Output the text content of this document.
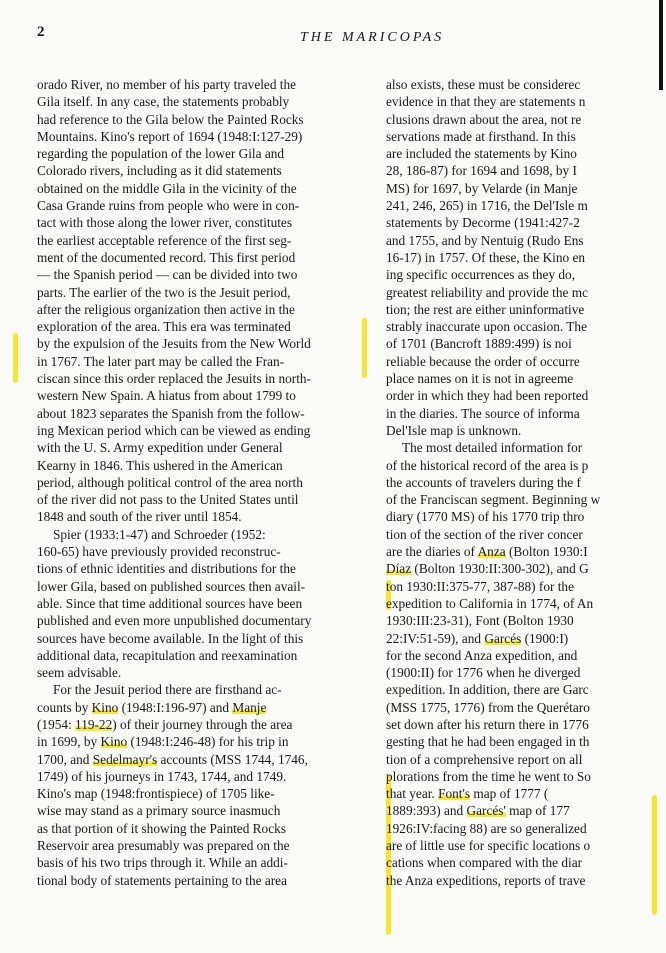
2	THE MARICOPAS
orado River, no member of his party traveled the
Gila itself. In any case, the statements probably
had reference to the Gila below the Painted Rocks
Mountains. Kino's report of 1694 (1948:I:127-29)
regarding the population of the lower Gila and
Colorado rivers, including as it did statements
obtained on the middle Gila in the vicinity of the
Casa Grande ruins from people who were in con-
tact with those along the lower river, constitutes
the earliest acceptable reference of the first seg-
ment of the documented record. This first period
— the Spanish period — can be divided into two
parts. The earlier of the two is the Jesuit period,
after the religious organization then active in the
exploration of the area. This era was terminated
by the expulsion of the Jesuits from the New World
in 1767. The later part may be called the Fran-
ciscan since this order replaced the Jesuits in north-
western New Spain. A hiatus from about 1799 to
about 1823 separates the Spanish from the follow-
ing Mexican period which can be viewed as ending
with the U. S. Army expedition under General
Kearny in 1846. This ushered in the American
period, although political control of the area north
of the river did not pass to the United States until
1848 and south of the river until 1854.
Spier (1933:1-47) and Schroeder (1952:
160-65) have previously provided reconstruc-
tions of ethnic identities and distributions for the
lower Gila, based on published sources then avail-
able. Since that time additional sources have been
published and even more unpublished documentary
sources have become available. In the light of this
additional data, recapitulation and reexamination
seem advisable.
For the Jesuit period there are firsthand ac-
counts by Kino (1948:I:196-97) and Manje
(1954: 119-22) of their journey through the area
in 1699, by Kino (1948:I:246-48) for his trip in
1700, and Sedelmayr's accounts (MSS 1744, 1746,
1749) of his journeys in 1743, 1744, and 1749.
Kino's map (1948:frontispiece) of 1705 like-
wise may stand as a primary source inasmuch
as that portion of it showing the Painted Rocks
Reservoir area presumably was prepared on the
basis of his two trips through it. While an addi-
tional body of statements pertaining to the area
also exists, these must be considerec
evidence in that they are statements n
clusions drawn about the area, not re
servations made at firsthand. In this
are included the statements by Kino
28, 186-87) for 1694 and 1698, by I
MS) for 1697, by Velarde (in Manje
241, 246, 265) in 1716, the Del'Isle m
statements by Decorme (1941:427-2
and 1755, and by Nentuig (Rudo Ens
16-17) in 1757. Of these, the Kino en
ing specific occurrences as they do,
greatest reliability and provide the mc
tion; the rest are either uninformative
strably inaccurate upon occasion. The
of 1701 (Bancroft 1889:499) is noi
reliable because the order of occurre
place names on it is not in agreeme
order in which they had been reported
in the diaries. The source of informa
Del'Isle map is unknown.
The most detailed information for
of the historical record of the area is p
the accounts of travelers during the f
of the Franciscan segment. Beginning w
diary (1770 MS) of his 1770 trip thro
tion of the section of the river concer
are the diaries of Anza (Bolton 1930:I
Díaz (Bolton 1930:II:300-302), and G
ton 1930:II:375-77, 387-88) for the
expedition to California in 1774, of An
1930:III:23-31), Font (Bolton 1930
22:IV:51-59), and Garcés (1900:I)
for the second Anza expedition, and
(1900:II) for 1776 when he diverged
expedition. In addition, there are Garc
(MSS 1775, 1776) from the Querétaro
set down after his return there in 1776
gesting that he had been engaged in th
tion of a comprehensive report on all
plorations from the time he went to So
that year. Font's map of 1777 (
1889:393) and Garcés' map of 177
1926:IV:facing 88) are so generalized
are of little use for specific locations o
cations when compared with the diar
the Anza expeditions, reports of trave
